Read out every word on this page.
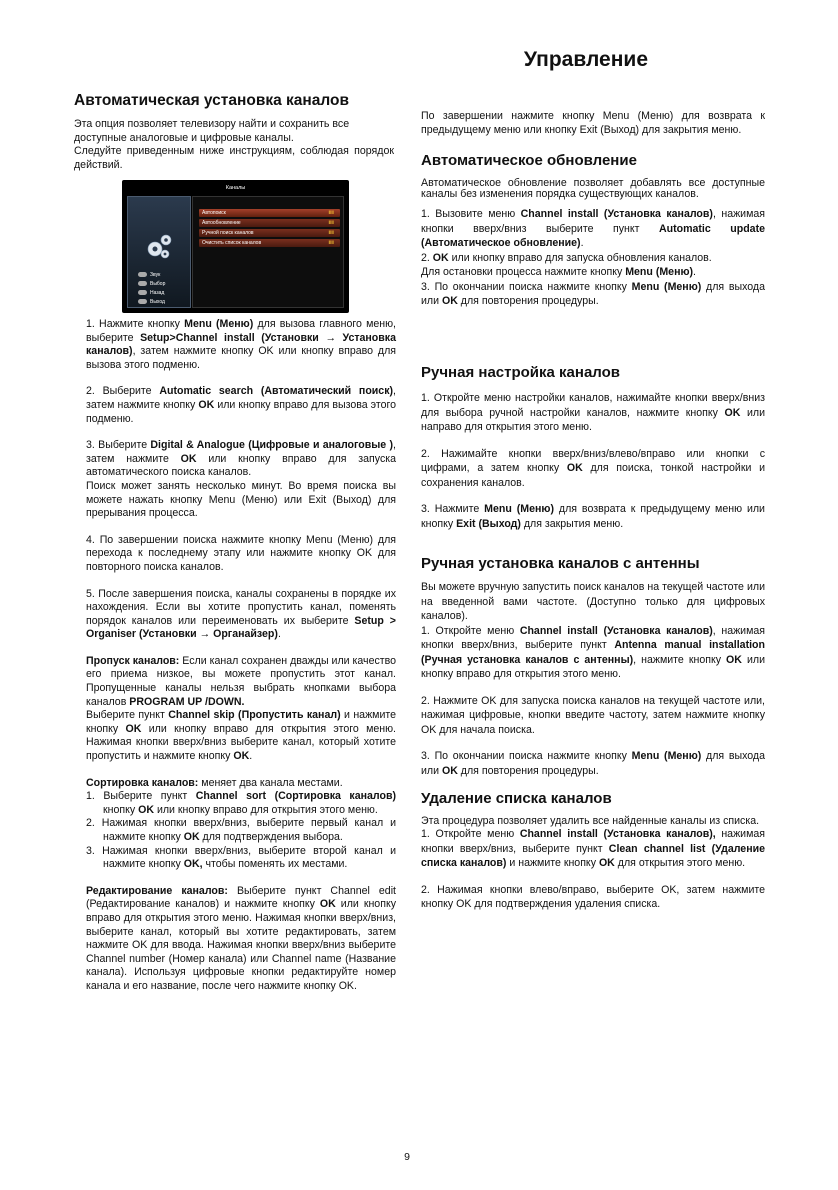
Управление
Автоматическая установка каналов

Эта опция позволяет телевизору найти и сохранить все доступные аналоговые и цифровые каналы.

Следуйте приведенным ниже инструкциям, соблюдая порядок действий.

Каналы
Звук
Выбор
Назад
Выход
Автопоиск	ⅢⅢ
Автообновление	ⅢⅢ
Ручной поиск каналов	ⅢⅢ
Очистить список каналов	ⅢⅢ

1. Нажмите кнопку Menu (Меню) для вызова главного меню, выберите Setup>Channel install (Установки → Установка каналов), затем нажмите кнопку OK или кнопку вправо для вызова этого подменю.

2. Выберите Automatic search (Автоматический поиск), затем нажмите кнопку OK или кнопку вправо для вызова этого подменю.

3. Выберите Digital & Analogue (Цифровые и аналоговые ), затем нажмите OK или кнопку вправо для запуска автоматического поиска каналов.

Поиск может занять несколько минут. Во время поиска вы можете нажать кнопку Menu (Меню) или Exit (Выход) для прерывания процесса.

4. По завершении поиска нажмите кнопку Menu (Меню) для перехода к последнему этапу или нажмите кнопку OK для повторного поиска каналов.

5. После завершения поиска, каналы сохранены в порядке их нахождения. Если вы хотите пропустить канал, поменять порядок каналов или переименовать их выберите Setup > Organiser (Установки → Органайзер).

Пропуск каналов: Если канал сохранен дважды или качество его приема низкое, вы можете пропустить этот канал. Пропущенные каналы нельзя выбрать кнопками выбора каналов PROGRAM UP /DOWN.

Выберите пункт Channel skip (Пропустить канал) и нажмите кнопку OK или кнопку вправо для открытия этого меню. Нажимая кнопки вверх/вниз выберите канал, который хотите пропустить и нажмите кнопку OK.

Сортировка каналов: меняет два канала местами.

1. Выберите пункт Channel sort (Сортировка каналов) кнопку OK или кнопку вправо для открытия этого меню.

2. Нажимая кнопки вверх/вниз, выберите первый канал и нажмите кнопку OK для подтверждения выбора.

3. Нажимая кнопки вверх/вниз, выберите второй канал и нажмите кнопку OK, чтобы поменять их местами.

Редактирование каналов: Выберите пункт Channel edit (Редактирование каналов) и нажмите кнопку OK или кнопку вправо для открытия этого меню. Нажимая кнопки вверх/вниз, выберите канал, который вы хотите редактировать, затем нажмите OK для ввода. Нажимая кнопки вверх/вниз выберите Channel number (Номер канала) или Channel name (Название канала). Используя цифровые кнопки редактируйте номер канала и его название, после чего нажмите кнопку OK.

По завершении нажмите кнопку Menu (Меню) для возврата к предыдущему меню или кнопку Exit (Выход) для закрытия меню.
Автоматическое обновление

Автоматическое обновление позволяет добавлять все доступные каналы без изменения порядка существующих каналов.

1. Вызовите меню Channel install (Установка каналов), нажимая кнопки вверх/вниз выберите пункт Automatic update (Автоматическое обновление).

2. OK или кнопку вправо для запуска обновления каналов.

Для остановки процесса нажмите кнопку Menu (Меню).

3. По окончании поиска нажмите кнопку Menu (Меню) для выхода или OK для повторения процедуры.

Ручная настройка каналов

1. Откройте меню настройки каналов, нажимайте кнопки вверх/вниз для выбора ручной настройки каналов, нажмите кнопку OK или направо для открытия этого меню.

2. Нажимайте кнопки вверх/вниз/влево/вправо или кнопки с цифрами, а затем кнопку OK для поиска, тонкой настройки и сохранения каналов.

3. Нажмите Menu (Меню) для возврата к предыдущему меню или кнопку Exit (Выход) для закрытия меню.

Ручная установка каналов с антенны

Вы можете вручную запустить поиск каналов на текущей частоте или на введенной вами частоте. (Доступно только для цифровых каналов).

1. Откройте меню Channel install (Установка каналов), нажимая кнопки вверх/вниз, выберите пункт Antenna manual installation (Ручная установка каналов с антенны), нажмите кнопку OK или кнопку вправо для открытия этого меню.

2. Нажмите OK для запуска поиска каналов на текущей частоте или, нажимая цифровые, кнопки введите частоту, затем нажмите кнопку OK для начала поиска.

3. По окончании поиска нажмите кнопку Menu (Меню) для выхода или OK для повторения процедуры.

Удаление списка каналов

Эта процедура позволяет удалить все найденные каналы из списка.

1. Откройте меню Channel install (Установка каналов), нажимая кнопки вверх/вниз, выберите пункт Clean channel list (Удаление списка каналов) и нажмите кнопку OK для открытия этого меню.

2. Нажимая кнопки влево/вправо, выберите OK, затем нажмите кнопку OK для подтверждения удаления списка.

9
